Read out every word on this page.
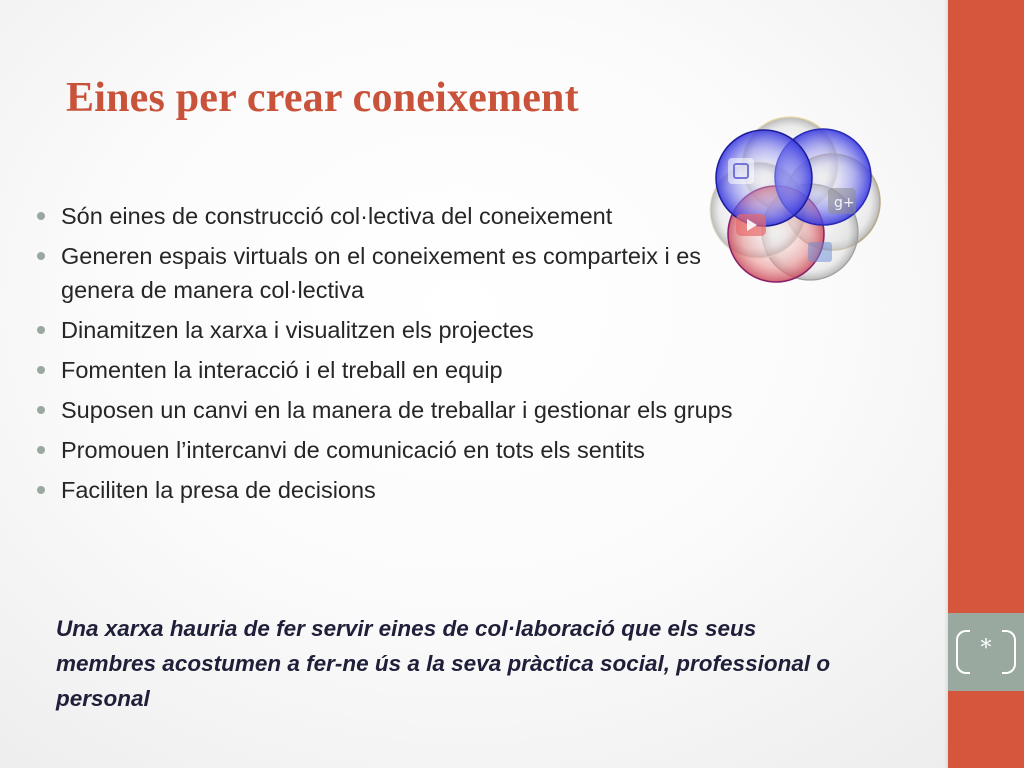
*
Eines per crear coneixement
Són eines de construcció col·lectiva del coneixement
Generen espais virtuals on el coneixement es comparteix i es genera de manera col·lectiva
Dinamitzen la xarxa i visualitzen els projectes
Fomenten la interacció i el treball en equip
Suposen un canvi en la manera de treballar i gestionar els grups
Promouen l’intercanvi de comunicació en tots els sentits
Faciliten la presa de decisions
g+
Una xarxa hauria de fer servir eines de col·laboració que els seus membres acostumen a fer-ne ús a la seva pràctica social, professional o personal
